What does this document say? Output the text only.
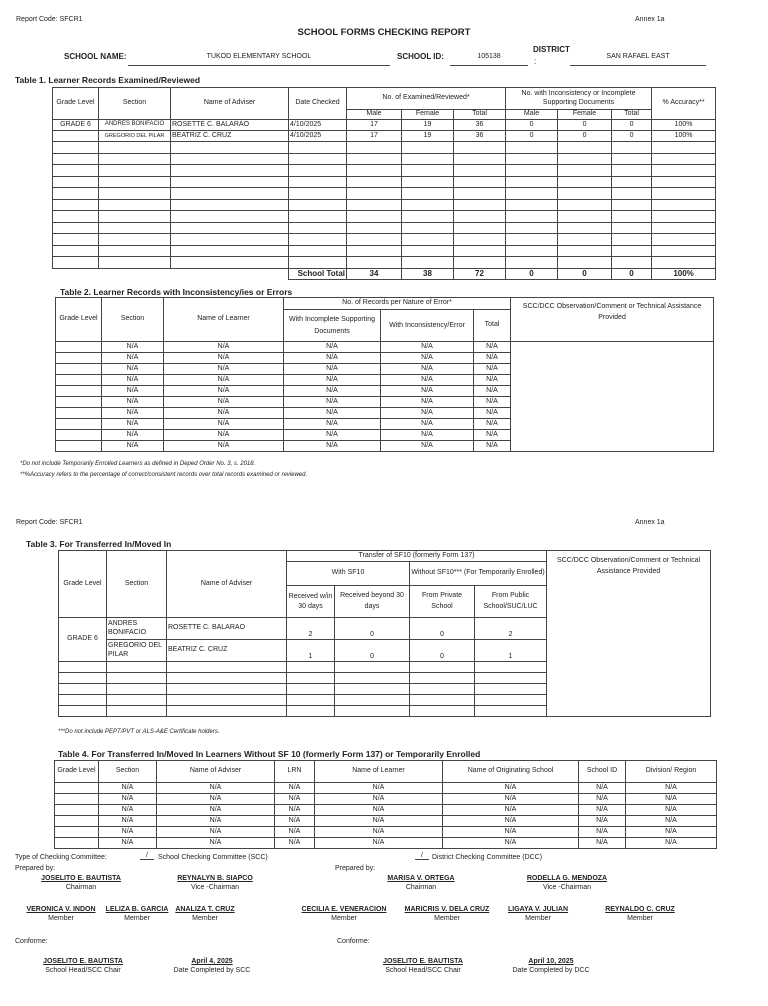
Report Code: SFCR1	Annex 1a
SCHOOL FORMS CHECKING REPORT
SCHOOL NAME:	TUKOD ELEMENTARY SCHOOL	SCHOOL ID:	105138
DISTRICT
:
SAN RAFAEL EAST
Table 1. Learner Records Examined/Reviewed
Grade Level	Section	Name of Adviser	Date Checked	No. of Examined/Reviewed*			No. with Inconsistency or Incomplete Supporting Documents			% Accuracy**
				Male	Female	Total	Male	Female	Total	
GRADE 6	ANDRES BONIFACIO	ROSETTE C. BALARAO	4/10/2025	17	19	36	0	0	0	100%
	GREGORIO DEL PILAR	BEATRIZ C. CRUZ	4/10/2025	17	19	36	0	0	0	100%

			School Total	34	38	72	0	0	0	100%
Table 2. Learner Records with Inconsistency/ies or Errors
Grade Level	Section	Name of Learner	No. of Records per Nature of Error*			SCC/DCC Observation/Comment or Technical Assistance Provided
			With Incomplete Supporting Documents	With Inconsistency/Error	Total	
	N/A	N/A	N/A	N/A	N/A	
	N/A	N/A	N/A	N/A	N/A	
	N/A	N/A	N/A	N/A	N/A	
	N/A	N/A	N/A	N/A	N/A	
	N/A	N/A	N/A	N/A	N/A	
	N/A	N/A	N/A	N/A	N/A	
	N/A	N/A	N/A	N/A	N/A	
	N/A	N/A	N/A	N/A	N/A	
	N/A	N/A	N/A	N/A	N/A	
	N/A	N/A	N/A	N/A	N/A	
*Do not include Temporarily Enrolled Learners as defined in Deped Order No. 3, s. 2018.
**%Accuracy refers to the percentage of correct/consistent records over total records examined or reviewed.
Report Code: SFCR1	Annex 1a
Table 3. For Transferred In/Moved In
Grade Level	Section	Name of Adviser	Transfer of SF10 (formerly Form 137)				SCC/DCC Observation/Comment or Technical Assistance Provided
			With SF10		Without SF10*** (For Temporarily Enrolled)		
			Received w/in 30 days	Received beyond 30 days	From Private School	From Public School/SUC/LUC	
GRADE 6	ANDRES BONIFACIO	ROSETTE C. BALARAO	2	0	0	2	
	GREGORIO DEL PILAR	BEATRIZ C. CRUZ	1	0	0	1	

***Do not include PEPT/PVT or ALS-A&E Certificate holders.
Table 4. For Transferred In/Moved In Learners Without SF 10 (formerly Form 137) or Temporarily Enrolled
Grade Level	Section	Name of Adviser	LRN	Name of Learner	Name of Originating School	School ID	Division/ Region
	N/A	N/A	N/A	N/A	N/A	N/A	N/A
	N/A	N/A	N/A	N/A	N/A	N/A	N/A
	N/A	N/A	N/A	N/A	N/A	N/A	N/A
	N/A	N/A	N/A	N/A	N/A	N/A	N/A
	N/A	N/A	N/A	N/A	N/A	N/A	N/A
	N/A	N/A	N/A	N/A	N/A	N/A	N/A
Type of Checking Committee:	/	School Checking Committee (SCC)	/	District Checking Committee (DCC)
Prepared by:	Prepared by:
JOSELITO E. BAUTISTA
Chairman
REYNALYN B. SIAPCO
Vice -Chairman
MARISA V. ORTEGA
Chairman
RODELLA G. MENDOZA
Vice -Chairman
VERONICA V. INDON
Member
LELIZA B. GARCIA
Member
ANALIZA T. CRUZ
Member
CECILIA E. VENERACION
Member
MARICRIS V. DELA CRUZ
Member
LIGAYA V. JULIAN
Member
REYNALDO C. CRUZ
Member
Conforme:	Conforme:
JOSELITO E. BAUTISTA
School Head/SCC Chair
April 4, 2025
Date Completed by SCC
JOSELITO E. BAUTISTA
School Head/SCC Chair
April 10, 2025
Date Completed by DCC
